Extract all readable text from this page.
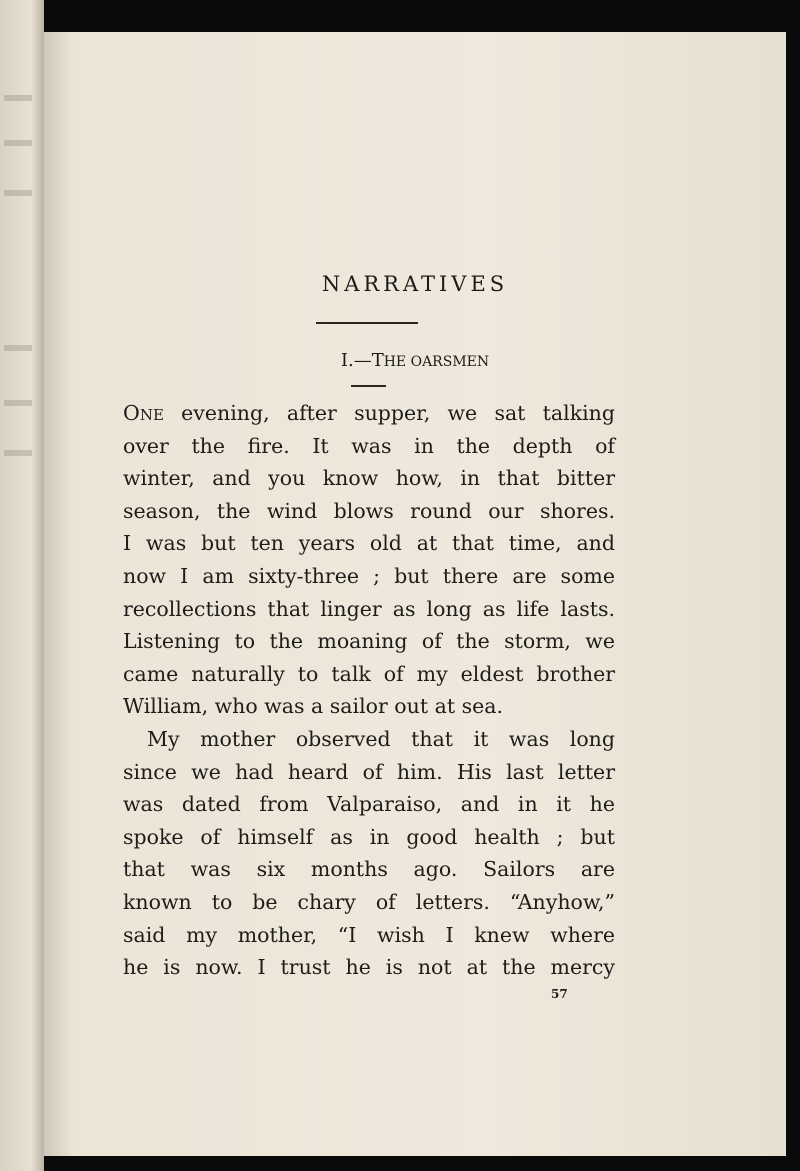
NARRATIVES
I.—THE OARSMEN
ONE evening, after supper, we sat talking
over the fire. It was in the depth of
winter, and you know how, in that bitter
season, the wind blows round our shores.
I was but ten years old at that time, and
now I am sixty-three ; but there are some
recollections that linger as long as life lasts.
Listening to the moaning of the storm, we
came naturally to talk of my eldest brother
William, who was a sailor out at sea.
My mother observed that it was long
since we had heard of him. His last letter
was dated from Valparaiso, and in it he
spoke of himself as in good health ; but
that was six months ago. Sailors are
known to be chary of letters. “Anyhow,”
said my mother, “I wish I knew where
he is now. I trust he is not at the mercy
57
